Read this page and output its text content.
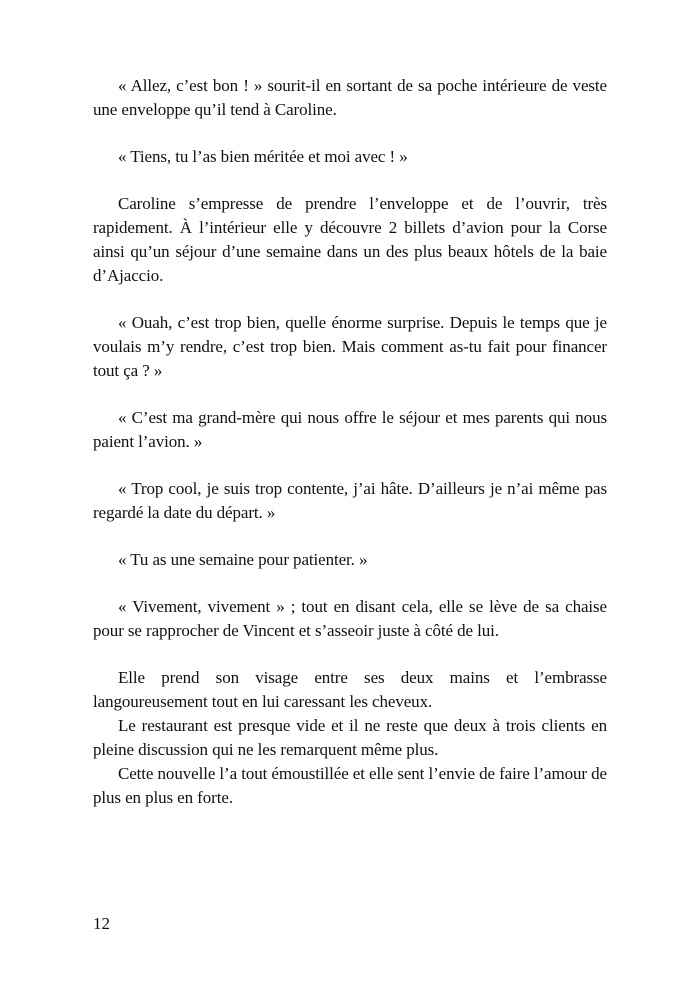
« Allez, c’est bon ! » sourit-il en sortant de sa poche intérieure de veste une enveloppe qu’il tend à Caroline.

« Tiens, tu l’as bien méritée et moi avec ! »

Caroline s’empresse de prendre l’enveloppe et de l’ouvrir, très rapidement. À l’intérieur elle y découvre 2 billets d’avion pour la Corse ainsi qu’un séjour d’une semaine dans un des plus beaux hôtels de la baie d’Ajaccio.

« Ouah, c’est trop bien, quelle énorme surprise. Depuis le temps que je voulais m’y rendre, c’est trop bien. Mais comment as-tu fait pour financer tout ça ? »

« C’est ma grand-mère qui nous offre le séjour et mes parents qui nous paient l’avion. »

« Trop cool, je suis trop contente, j’ai hâte. D’ailleurs je n’ai même pas regardé la date du départ. »

« Tu as une semaine pour patienter. »

« Vivement, vivement » ; tout en disant cela, elle se lève de sa chaise pour se rapprocher de Vincent et s’asseoir juste à côté de lui.

Elle prend son visage entre ses deux mains et l’embrasse langoureusement tout en lui caressant les cheveux.

Le restaurant est presque vide et il ne reste que deux à trois clients en pleine discussion qui ne les remarquent même plus.

Cette nouvelle l’a tout émoustillée et elle sent l’envie de faire l’amour de plus en plus en forte.

12
